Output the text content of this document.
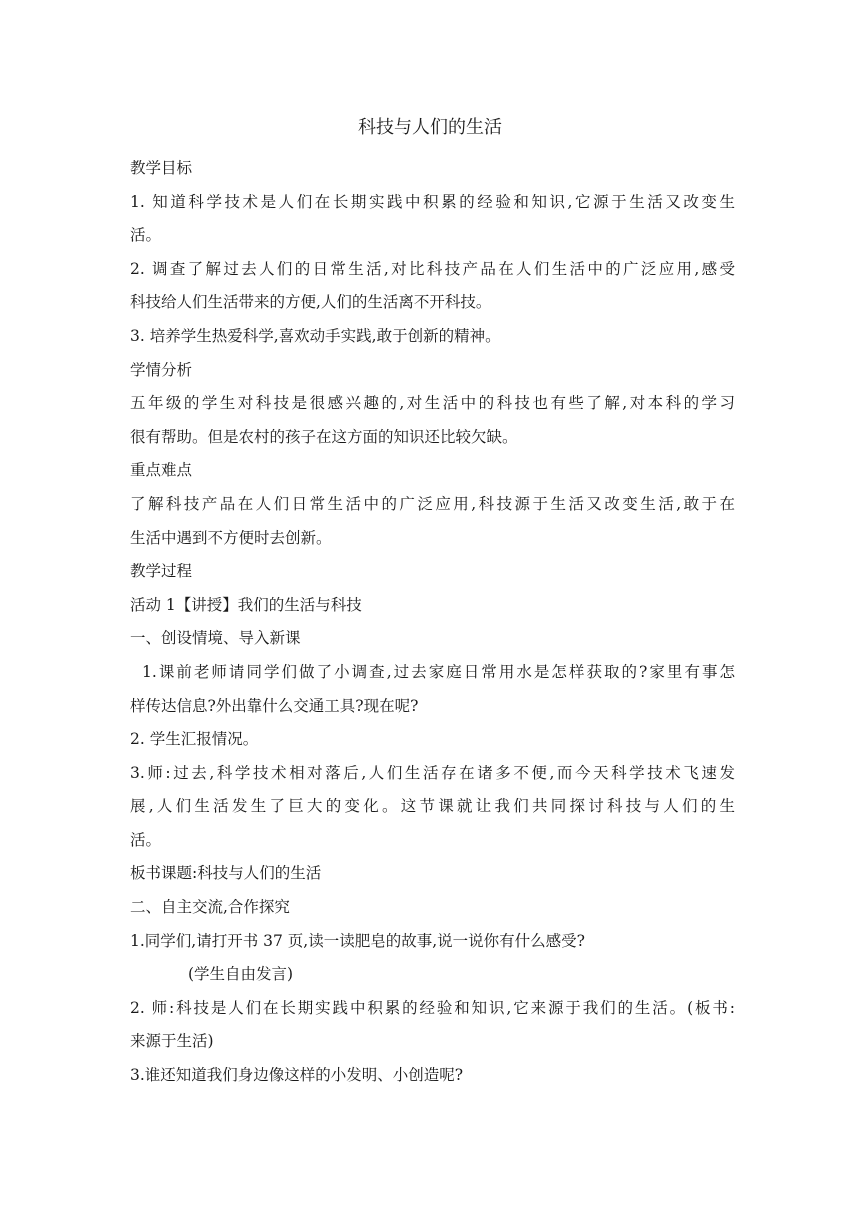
科技与人们的生活
教学目标
1. 知道科学技术是人们在长期实践中积累的经验和知识,它源于生活又改变生
活。
2. 调查了解过去人们的日常生活,对比科技产品在人们生活中的广泛应用,感受
科技给人们生活带来的方便,人们的生活离不开科技。
3. 培养学生热爱科学,喜欢动手实践,敢于创新的精神。
学情分析
五年级的学生对科技是很感兴趣的,对生活中的科技也有些了解,对本科的学习
很有帮助。但是农村的孩子在这方面的知识还比较欠缺。
重点难点
了解科技产品在人们日常生活中的广泛应用,科技源于生活又改变生活,敢于在
生活中遇到不方便时去创新。
教学过程
活动 1【讲授】我们的生活与科技
一、创设情境、导入新课
1.课前老师请同学们做了小调查,过去家庭日常用水是怎样获取的?家里有事怎
样传达信息?外出靠什么交通工具?现在呢?
2. 学生汇报情况。
3.师:过去,科学技术相对落后,人们生活存在诸多不便,而今天科学技术飞速发
展,人们生活发生了巨大的变化。这节课就让我们共同探讨科技与人们的生
活。
板书课题:科技与人们的生活
二、自主交流,合作探究
1.同学们,请打开书 37 页,读一读肥皂的故事,说一说你有什么感受?
(学生自由发言)
2. 师:科技是人们在长期实践中积累的经验和知识,它来源于我们的生活。(板书:
来源于生活)
3.谁还知道我们身边像这样的小发明、小创造呢?
